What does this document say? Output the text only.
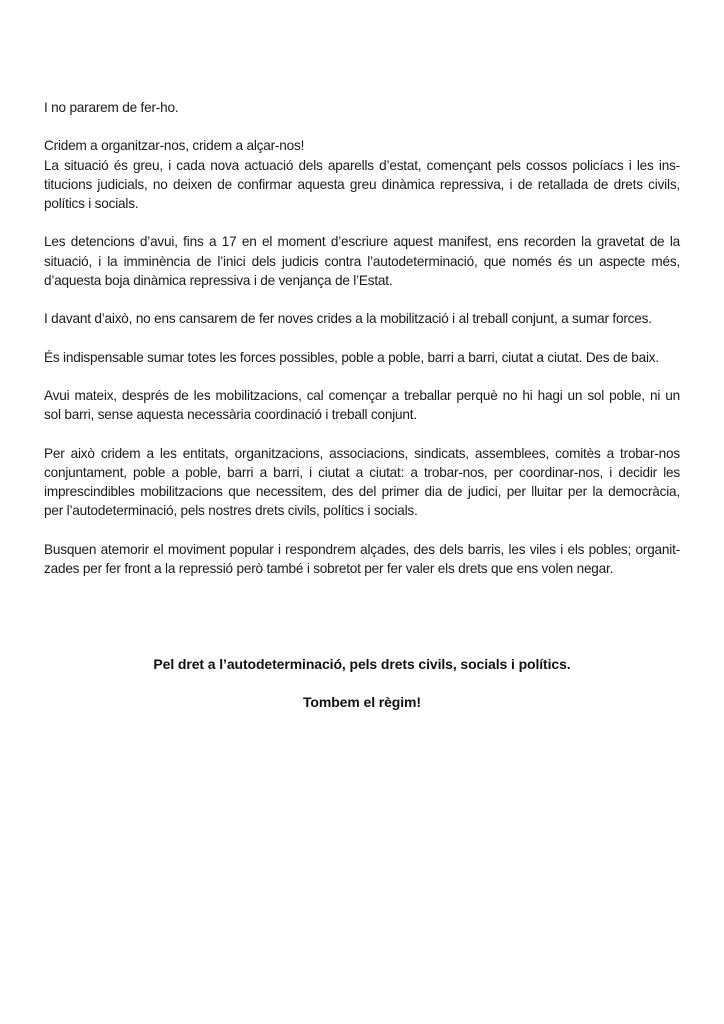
I no pararem de fer-ho.
Cridem a organitzar-nos, cridem a alçar-nos!
La situació és greu, i cada nova actuació dels aparells d’estat, començant pels cossos policíacs i les ins-
titucions judicials, no deixen de confirmar aquesta greu dinàmica repressiva, i de retallada de drets civils,
polítics i socials.
Les detencions d’avui, fins a 17 en el moment d’escriure aquest manifest, ens recorden la gravetat de la
situació, i la imminència de l’inici dels judicis contra l’autodeterminació, que només és un aspecte més,
d’aquesta boja dinàmica repressiva i de venjança de l’Estat.
I davant d’això, no ens cansarem de fer noves crides a la mobilització i al treball conjunt, a sumar forces.
És indispensable sumar totes les forces possibles, poble a poble, barri a barri, ciutat a ciutat. Des de baix.
Avui mateix, després de les mobilitzacions, cal començar a treballar perquè no hi hagi un sol poble, ni un
sol barri, sense aquesta necessària coordinació i treball conjunt.
Per això cridem a les entitats, organitzacions, associacions, sindicats, assemblees, comitès a trobar-nos
conjuntament, poble a poble, barri a barri, i ciutat a ciutat: a trobar-nos, per coordinar-nos, i decidir les
imprescindibles mobilitzacions que necessitem, des del primer dia de judici, per lluitar per la democràcia,
per l’autodeterminació, pels nostres drets civils, polítics i socials.
Busquen atemorir el moviment popular i respondrem alçades, des dels barris, les viles i els pobles; organit-
zades per fer front a la repressió però també i sobretot per fer valer els drets que ens volen negar.
Pel dret a l’autodeterminació, pels drets civils, socials i polítics.
Tombem el règim!
